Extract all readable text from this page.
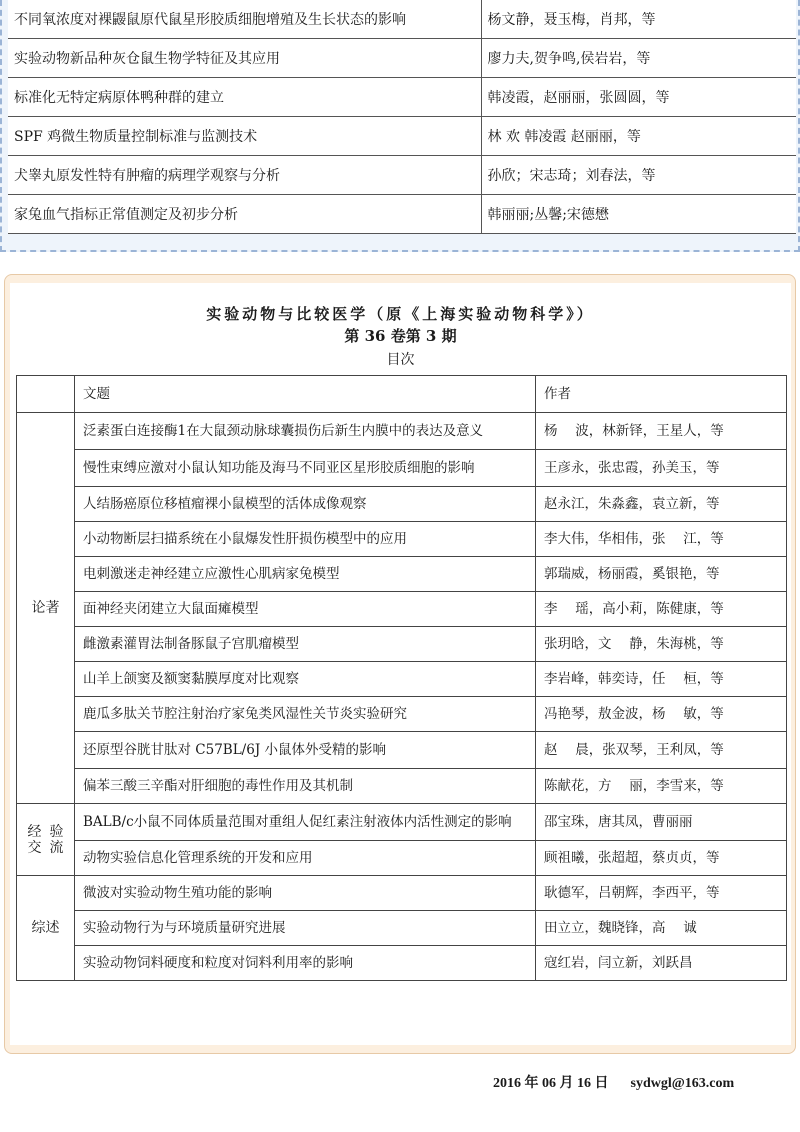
不同氧浓度对裸鼹鼠原代鼠星形胶质细胞增殖及生长状态的影响	杨文静，聂玉梅，肖邦，等
实验动物新品种灰仓鼠生物学特征及其应用	廖力夫,贺争鸣,侯岩岩，等
标准化无特定病原体鸭种群的建立	韩凌霞，赵丽丽，张圆圆，等
SPF 鸡微生物质量控制标准与监测技术	林 欢 韩凌霞 赵丽丽，等
犬睾丸原发性特有肿瘤的病理学观察与分析	孙欣；宋志琦；刘春法，等
家兔血气指标正常值测定及初步分析	韩丽丽;丛馨;宋德懋
实验动物与比较医学（原《上海实验动物科学》）
第 36 卷第 3 期
目次
	文题	作者
论著	泛素蛋白连接酶1在大鼠颈动脉球囊损伤后新生内膜中的表达及意义	杨　 波，林新铎，王星人，等
	慢性束缚应激对小鼠认知功能及海马不同亚区星形胶质细胞的影响	王彦永，张忠霞，孙美玉，等
	人结肠癌原位移植瘤裸小鼠模型的活体成像观察	赵永江，朱淼鑫，袁立新，等
	小动物断层扫描系统在小鼠爆发性肝损伤模型中的应用	李大伟，华相伟，张　 江，等
	电刺激迷走神经建立应激性心肌病家兔模型	郭瑞威，杨丽霞，奚银艳，等
	面神经夹闭建立大鼠面瘫模型	李　 瑶，高小莉，陈健康，等
	雌激素灌胃法制备豚鼠子宫肌瘤模型	张玥晗，文　 静，朱海桃，等
	山羊上颌窦及额窦黏膜厚度对比观察	李岩峰，韩奕诗，任　 桓，等
	鹿瓜多肽关节腔注射治疗家兔类风湿性关节炎实验研究	冯艳琴，敖金波，杨　 敏，等
	还原型谷胱甘肽对 C57BL/6J 小鼠体外受精的影响	赵　 晨，张双琴，王利凤，等
	偏苯三酸三辛酯对肝细胞的毒性作用及其机制	陈献花，方　 丽，李雪来，等

经验
交流	BALB/c小鼠不同体质量范围对重组人促红素注射液体内活性测定的影响	邵宝珠，唐其凤，曹丽丽
	动物实验信息化管理系统的开发和应用	顾祖曦，张超超，蔡贞贞，等
综述	微波对实验动物生殖功能的影响	耿德军，吕朝辉，李西平，等
	实验动物行为与环境质量研究进展	田立立，魏晓锋，高　 诚
	实验动物饲料硬度和粒度对饲料利用率的影响	寇红岩，闫立新，刘跃昌
2016 年 06 月 16 日 sydwgl@163.com
